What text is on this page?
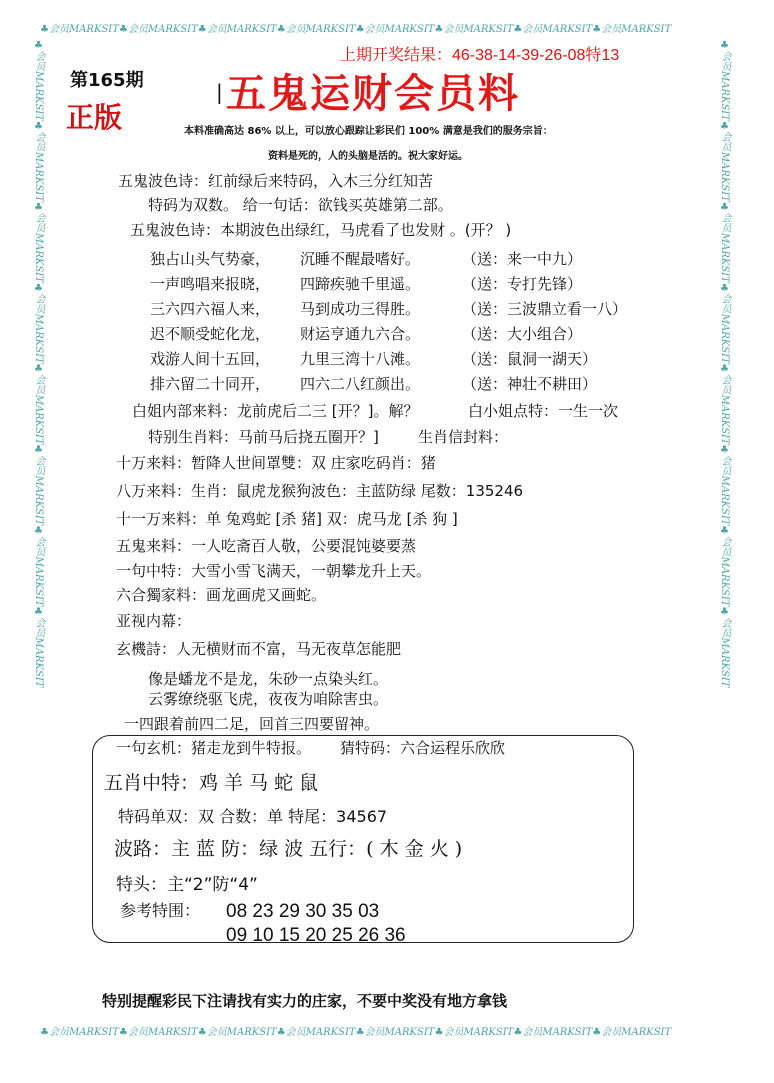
♣会员MARKSIT♣会员MARKSIT♣会员MARKSIT♣会员MARKSIT♣会员MARKSIT♣会员MARKSIT♣会员MARKSIT♣会员MARKSIT
♣会员MARKSIT♣会员MARKSIT♣会员MARKSIT♣会员MARKSIT♣会员MARKSIT♣会员MARKSIT♣会员MARKSIT♣会员MARKSIT
♣会员MARKSIT♣会员MARKSIT♣会员MARKSIT♣会员MARKSIT♣会员MARKSIT♣会员MARKSIT♣会员MARKSIT♣会员MARKSIT	♣会员MARKSIT♣会员MARKSIT♣会员MARKSIT♣会员MARKSIT♣会员MARKSIT♣会员MARKSIT♣会员MARKSIT♣会员MARKSIT
第165期
正版
| 五鬼运财会员料
上期开奖结果：46-38-14-39-26-08特13
本料准确高达 86% 以上，可以放心跟踪让彩民们 100% 满意是我们的服务宗旨：
资料是死的，人的头脑是活的。祝大家好运。
五鬼波色诗：红前绿后来特码，入木三分红知苦
特码为双数。 给一句话：欲钱买英雄第二部。
五鬼波色诗：本期波色出绿红，马虎看了也发财 。(开？ )
独占山头气势豪， 沉睡不醒最嗜好。	（送：来一中九）
一声鸣唱来报晓， 四蹄疾驰千里遥。	（送：专打先锋）
三六四六福人来， 马到成功三得胜。	（送：三波鼎立看一八）
迟不顺受蛇化龙， 财运亨通九六合。	（送：大小组合）
戏游人间十五回， 九里三湾十八滩。	（送：鼠洞一湖天）
排六留二十同开， 四六二八红颜出。	（送：神壮不耕田）
白姐内部来料：龙前虎后二三 [开？]。解？	白小姐点特：一生一次
特别生肖料：马前马后挠五圈开？]	生肖信封料：
十万来料：暂降人世间罩雙：双 庄家吃码肖：猪
八万来料：生肖：鼠虎龙猴狗波色：主蓝防绿 尾数：135246
十一万来料：单 兔鸡蛇 [杀 猪] 双：虎马龙 [杀 狗 ]
五鬼来料：一人吃斋百人敬，公要混饨婆要蒸
一句中特：大雪小雪飞满天，一朝攀龙升上天。
六合獨家料：画龙画虎又画蛇。
亚视内幕：
玄機詩：人无横财而不富，马无夜草怎能肥
像是蟠龙不是龙，朱砂一点染头红。
云雾缭绕驱飞虎，夜夜为咱除害虫。
一四跟着前四二足，回首三四要留神。
一句玄机：猪走龙到牛特报。 猜特码：六合运程乐欣欣
五肖中特：鸡 羊 马 蛇 鼠
特码单双：双 合数：单 特尾：34567
波路：主 蓝 防：绿 波 五行：( 木 金 火 )
特头：主“2”防“4”
参考特围： 08 23 29 30 35 03
09 10 15 20 25 26 36
特别提醒彩民下注请找有实力的庄家，不要中奖没有地方拿钱
